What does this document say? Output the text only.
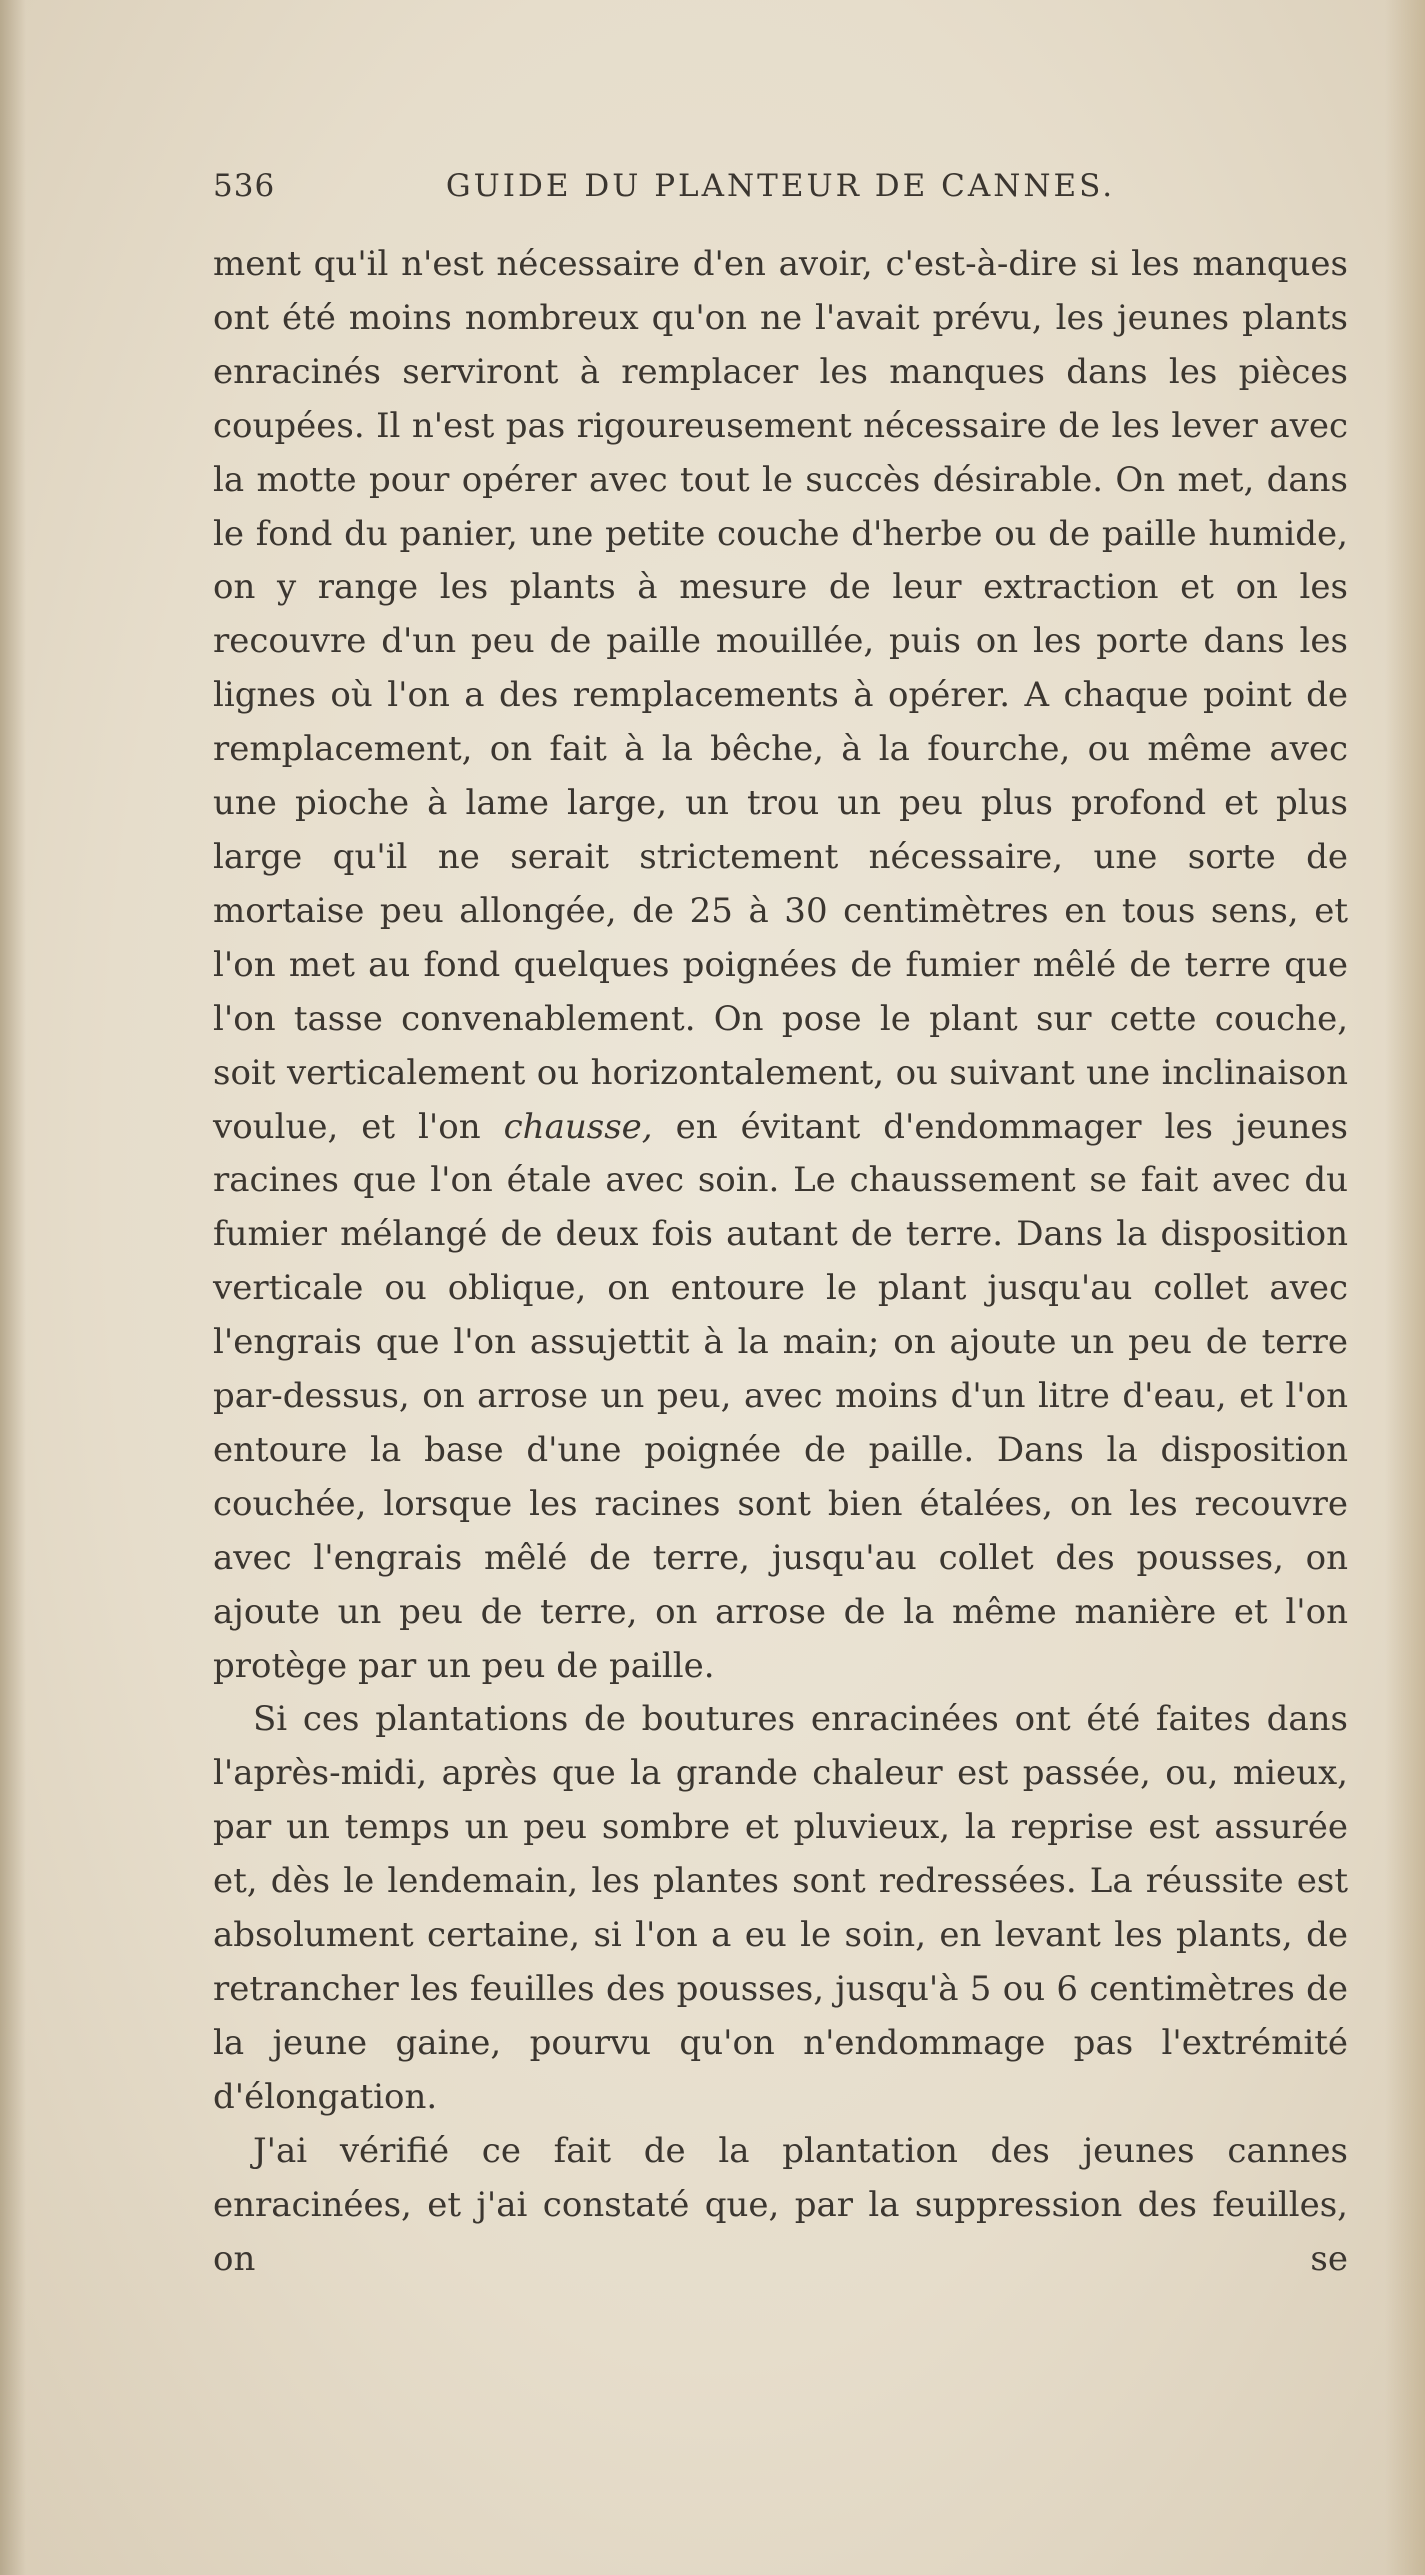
536	GUIDE DU PLANTEUR DE CANNES.

ment qu'il n'est nécessaire d'en avoir, c'est-à-dire si les manques ont été moins nombreux qu'on ne l'avait prévu, les jeunes plants enracinés serviront à remplacer les manques dans les pièces coupées. Il n'est pas rigoureusement nécessaire de les lever avec la motte pour opérer avec tout le succès désirable. On met, dans le fond du panier, une petite couche d'herbe ou de paille humide, on y range les plants à mesure de leur extraction et on les recouvre d'un peu de paille mouillée, puis on les porte dans les lignes où l'on a des remplacements à opérer. A chaque point de remplacement, on fait à la bêche, à la fourche, ou même avec une pioche à lame large, un trou un peu plus profond et plus large qu'il ne serait strictement nécessaire, une sorte de mortaise peu allongée, de 25 à 30 centimètres en tous sens, et l'on met au fond quelques poignées de fumier mêlé de terre que l'on tasse convenablement. On pose le plant sur cette couche, soit verticalement ou horizontalement, ou suivant une inclinaison voulue, et l'on chausse, en évitant d'endommager les jeunes racines que l'on étale avec soin. Le chaussement se fait avec du fumier mélangé de deux fois autant de terre. Dans la disposition verticale ou oblique, on entoure le plant jusqu'au collet avec l'engrais que l'on assujettit à la main; on ajoute un peu de terre par-dessus, on arrose un peu, avec moins d'un litre d'eau, et l'on entoure la base d'une poignée de paille. Dans la disposition couchée, lorsque les racines sont bien étalées, on les recouvre avec l'engrais mêlé de terre, jusqu'au collet des pousses, on ajoute un peu de terre, on arrose de la même manière et l'on protège par un peu de paille.

Si ces plantations de boutures enracinées ont été faites dans l'après-midi, après que la grande chaleur est passée, ou, mieux, par un temps un peu sombre et pluvieux, la reprise est assurée et, dès le lendemain, les plantes sont redressées. La réussite est absolument certaine, si l'on a eu le soin, en levant les plants, de retrancher les feuilles des pousses, jusqu'à 5 ou 6 centimètres de la jeune gaine, pourvu qu'on n'endommage pas l'extrémité d'élongation.

J'ai vérifié ce fait de la plantation des jeunes cannes enracinées, et j'ai constaté que, par la suppression des feuilles, on se
